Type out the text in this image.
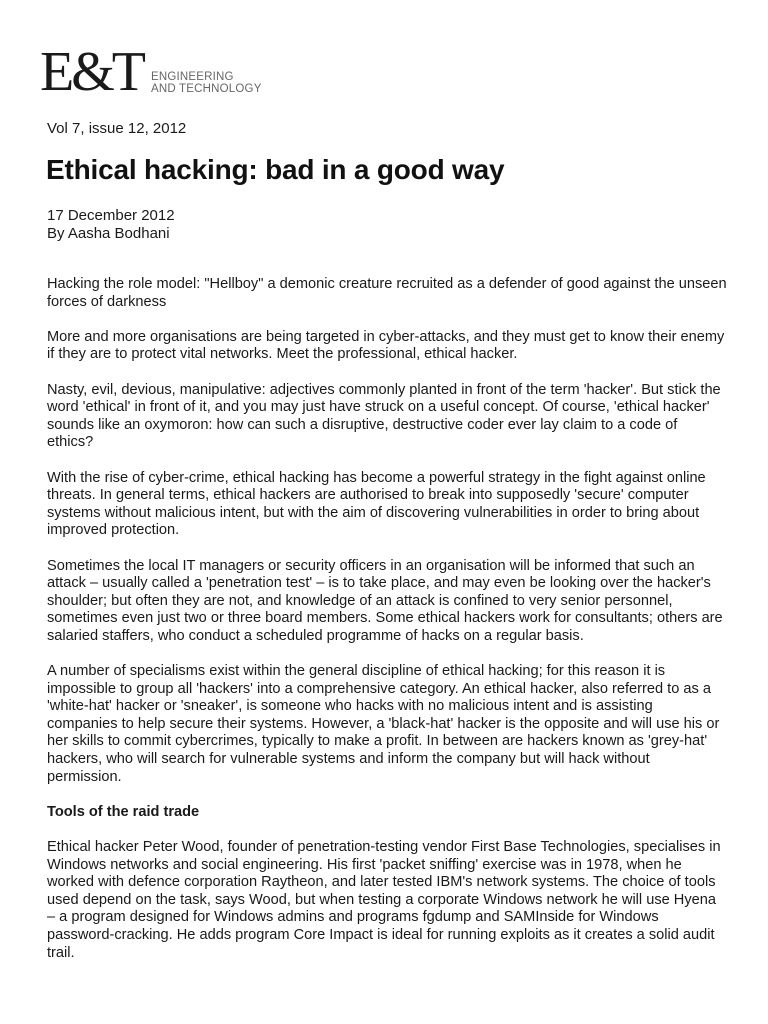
E&T ENGINEERING
AND TECHNOLOGY
Vol 7, issue 12, 2012
Ethical hacking: bad in a good way
17 December 2012
By Aasha Bodhani

Hacking the role model: "Hellboy" a demonic creature recruited as a defender of good against the unseen forces of darkness

More and more organisations are being targeted in cyber-attacks, and they must get to know their enemy if they are to protect vital networks. Meet the professional, ethical hacker.

Nasty, evil, devious, manipulative: adjectives commonly planted in front of the term 'hacker'. But stick the word 'ethical' in front of it, and you may just have struck on a useful concept. Of course, 'ethical hacker' sounds like an oxymoron: how can such a disruptive, destructive coder ever lay claim to a code of ethics?

With the rise of cyber-crime, ethical hacking has become a powerful strategy in the fight against online threats. In general terms, ethical hackers are authorised to break into supposedly 'secure' computer systems without malicious intent, but with the aim of discovering vulnerabilities in order to bring about improved protection.

Sometimes the local IT managers or security officers in an organisation will be informed that such an attack – usually called a 'penetration test' – is to take place, and may even be looking over the hacker's shoulder; but often they are not, and knowledge of an attack is confined to very senior personnel, sometimes even just two or three board members. Some ethical hackers work for consultants; others are salaried staffers, who conduct a scheduled programme of hacks on a regular basis.

A number of specialisms exist within the general discipline of ethical hacking; for this reason it is impossible to group all 'hackers' into a comprehensive category. An ethical hacker, also referred to as a 'white-hat' hacker or 'sneaker', is someone who hacks with no malicious intent and is assisting companies to help secure their systems. However, a 'black-hat' hacker is the opposite and will use his or her skills to commit cybercrimes, typically to make a profit. In between are hackers known as 'grey-hat' hackers, who will search for vulnerable systems and inform the company but will hack without permission.

Tools of the raid trade

Ethical hacker Peter Wood, founder of penetration-testing vendor First Base Technologies, specialises in Windows networks and social engineering. His first 'packet sniffing' exercise was in 1978, when he worked with defence corporation Raytheon, and later tested IBM's network systems. The choice of tools used depend on the task, says Wood, but when testing a corporate Windows network he will use Hyena – a program designed for Windows admins and programs fgdump and SAMInside for Windows password-cracking. He adds program Core Impact is ideal for running exploits as it creates a solid audit trail.
